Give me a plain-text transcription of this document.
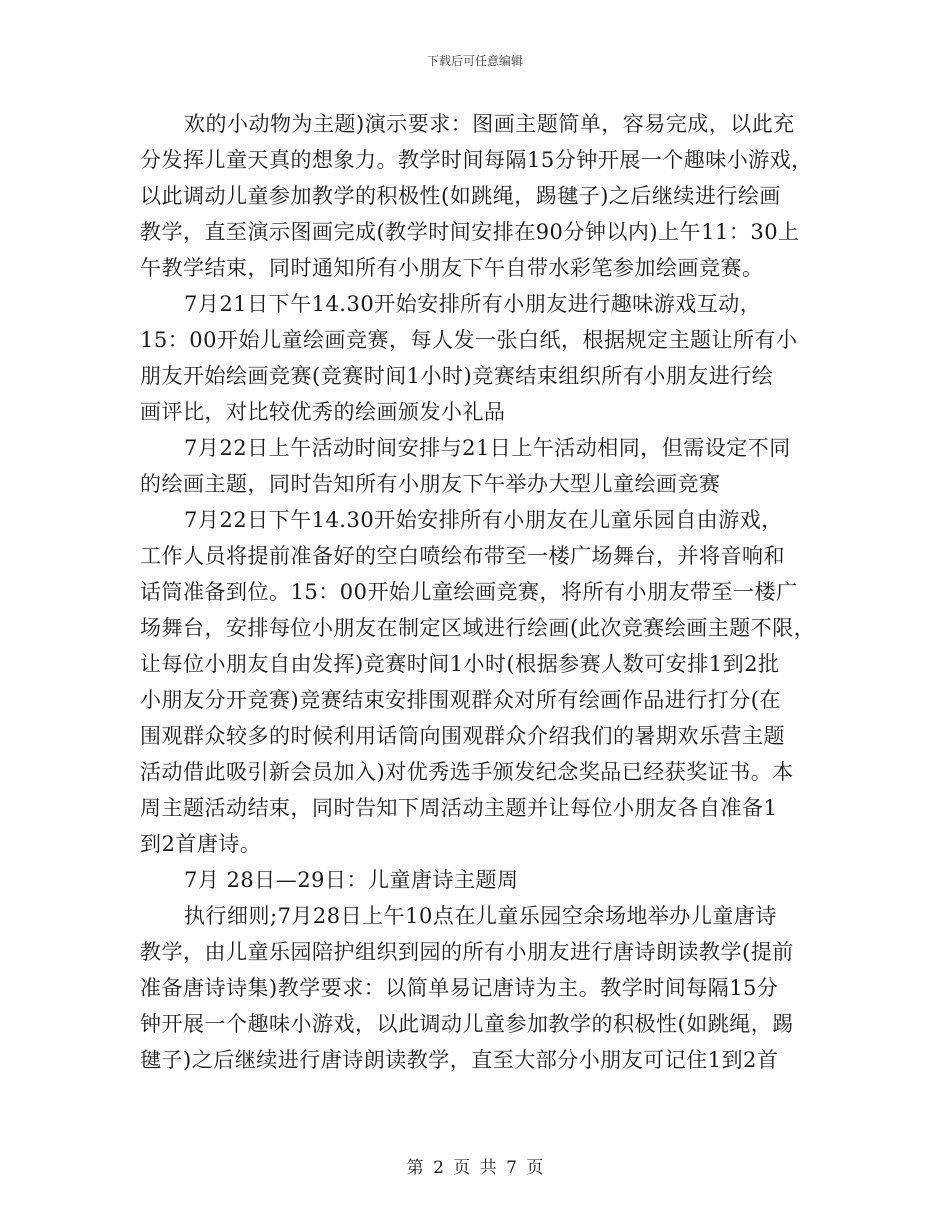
下载后可任意编辑
欢的小动物为主题)演示要求：图画主题简单，容易完成，以此充
分发挥儿童天真的想象力。教学时间每隔15分钟开展一个趣味小游戏，
以此调动儿童参加教学的积极性(如跳绳，踢毽子)之后继续进行绘画
教学，直至演示图画完成(教学时间安排在90分钟以内)上午11：30上
午教学结束，同时通知所有小朋友下午自带水彩笔参加绘画竞赛。
7月21日下午14.30开始安排所有小朋友进行趣味游戏互动，
15：00开始儿童绘画竞赛，每人发一张白纸，根据规定主题让所有小
朋友开始绘画竞赛(竞赛时间1小时)竞赛结束组织所有小朋友进行绘
画评比，对比较优秀的绘画颁发小礼品
7月22日上午活动时间安排与21日上午活动相同，但需设定不同
的绘画主题，同时告知所有小朋友下午举办大型儿童绘画竞赛
7月22日下午14.30开始安排所有小朋友在儿童乐园自由游戏，
工作人员将提前准备好的空白喷绘布带至一楼广场舞台，并将音响和
话筒准备到位。15：00开始儿童绘画竞赛，将所有小朋友带至一楼广
场舞台，安排每位小朋友在制定区域进行绘画(此次竞赛绘画主题不限，
让每位小朋友自由发挥)竞赛时间1小时(根据参赛人数可安排1到2批
小朋友分开竞赛)竞赛结束安排围观群众对所有绘画作品进行打分(在
围观群众较多的时候利用话筒向围观群众介绍我们的暑期欢乐营主题
活动借此吸引新会员加入)对优秀选手颁发纪念奖品已经获奖证书。本
周主题活动结束，同时告知下周活动主题并让每位小朋友各自准备1
到2首唐诗。
7月 28日—29日：儿童唐诗主题周
执行细则;7月28日上午10点在儿童乐园空余场地举办儿童唐诗
教学，由儿童乐园陪护组织到园的所有小朋友进行唐诗朗读教学(提前
准备唐诗诗集)教学要求：以简单易记唐诗为主。教学时间每隔15分
钟开展一个趣味小游戏，以此调动儿童参加教学的积极性(如跳绳，踢
毽子)之后继续进行唐诗朗读教学，直至大部分小朋友可记住1到2首
第 2 页 共 7 页
